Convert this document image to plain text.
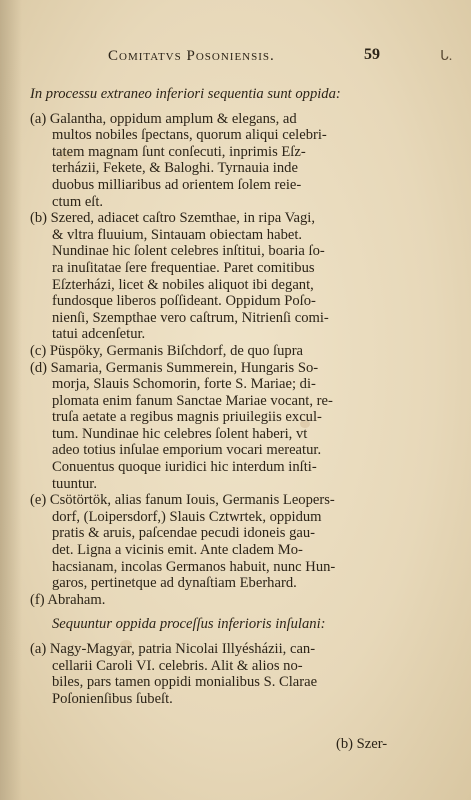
Comitatvs Posoniensis.	59	ᒐ.
In processu extraneo inferiori sequentia sunt oppida:
(a) Galantha, oppidum amplum & elegans, ad
multos nobiles ſpectans, quorum aliqui celebri-
tatem magnam ſunt conſecuti, inprimis Eſz-
terházii, Fekete, & Baloghi. Tyrnauia inde
duobus milliaribus ad orientem ſolem reie-
ctum eſt.
(b) Szered, adiacet caſtro Szemthae, in ripa Vagi,
& vltra fluuium, Sintauam obiectam habet.
Nundinae hic ſolent celebres inſtitui, boaria ſo-
ra inuſitatae ſere frequentiae. Paret comitibus
Eſzterházi, licet & nobiles aliquot ibi degant,
fundosque liberos poſſideant. Oppidum Poſo-
nienſi, Szempthae vero caſtrum, Nitrienſi comi-
tatui adcenſetur.
(c) Püspöky, Germanis Biſchdorf, de quo ſupra
(d) Samaria, Germanis Summerein, Hungaris So-
morja, Slauis Schomorin, forte S. Mariae; di-
plomata enim fanum Sanctae Mariae vocant, re-
truſa aetate a regibus magnis priuilegiis excul-
tum. Nundinae hic celebres ſolent haberi, vt
adeo totius inſulae emporium vocari mereatur.
Conuentus quoque iuridici hic interdum inſti-
tuuntur.
(e) Csötörtök, alias fanum Iouis, Germanis Leopers-
dorf, (Loipersdorf,) Slauis Cztwrtek, oppidum
pratis & aruis, paſcendae pecudi idoneis gau-
det. Ligna a vicinis emit. Ante cladem Mo-
hacsianam, incolas Germanos habuit, nunc Hun-
garos, pertinetque ad dynaſtiam Eberhard.
(f) Abraham.
Sequuntur oppida proceſſus inferioris inſulani:
(a) Nagy-Magyar, patria Nicolai Illyésházii, can-
cellarii Caroli VI. celebris. Alit & alios no-
biles, pars tamen oppidi monialibus S. Clarae
Poſonienſibus ſubeſt.
(b) Szer-
